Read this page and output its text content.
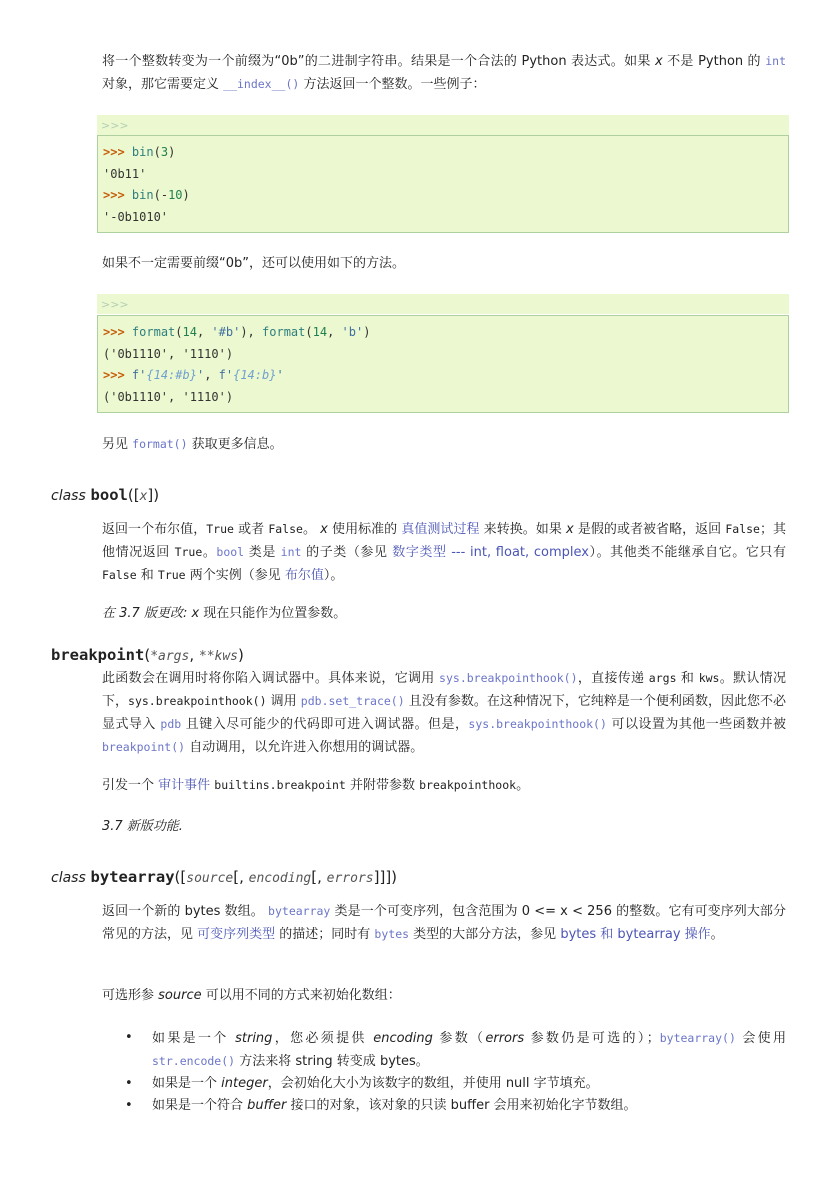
将一个整数转变为一个前缀为“0b”的二进制字符串。结果是一个合法的 Python 表达式。如果 x 不是 Python 的 int 对象，那它需要定义 __index__() 方法返回一个整数。一些例子：

>>>
>>> bin(3)
'0b11'
>>> bin(-10)
'-0b1010'

如果不一定需要前缀“0b”，还可以使用如下的方法。

>>>
>>> format(14, '#b'), format(14, 'b')
('0b1110', '1110')
>>> f'{14:#b}', f'{14:b}'
('0b1110', '1110')

另见 format() 获取更多信息。

class bool([x])

返回一个布尔值，True 或者 False。 x 使用标准的 真值测试过程 来转换。如果 x 是假的或者被省略，返回 False；其他情况返回 True。bool 类是 int 的子类（参见 数字类型 --- int, float, complex）。其他类不能继承自它。它只有 False 和 True 两个实例（参见 布尔值）。

在 3.7 版更改: x 现在只能作为位置参数。

breakpoint(*args, **kws)

此函数会在调用时将你陷入调试器中。具体来说，它调用 sys.breakpointhook()，直接传递 args 和 kws。默认情况下，sys.breakpointhook() 调用 pdb.set_trace() 且没有参数。在这种情况下，它纯粹是一个便利函数，因此您不必显式导入 pdb 且键入尽可能少的代码即可进入调试器。但是，sys.breakpointhook() 可以设置为其他一些函数并被 breakpoint() 自动调用，以允许进入你想用的调试器。

引发一个 审计事件 builtins.breakpoint 并附带参数 breakpointhook。

3.7 新版功能.

class bytearray([source[, encoding[, errors]]])

返回一个新的 bytes 数组。 bytearray 类是一个可变序列，包含范围为 0 <= x < 256 的整数。它有可变序列大部分常见的方法，见 可变序列类型 的描述；同时有 bytes 类型的大部分方法，参见 bytes 和 bytearray 操作。

可选形参 source 可以用不同的方式来初始化数组：

• 如果是一个 string，您必须提供 encoding 参数（errors 参数仍是可选的）；bytearray() 会使用 str.encode() 方法来将 string 转变成 bytes。
• 如果是一个 integer，会初始化大小为该数字的数组，并使用 null 字节填充。
• 如果是一个符合 buffer 接口的对象，该对象的只读 buffer 会用来初始化字节数组。
